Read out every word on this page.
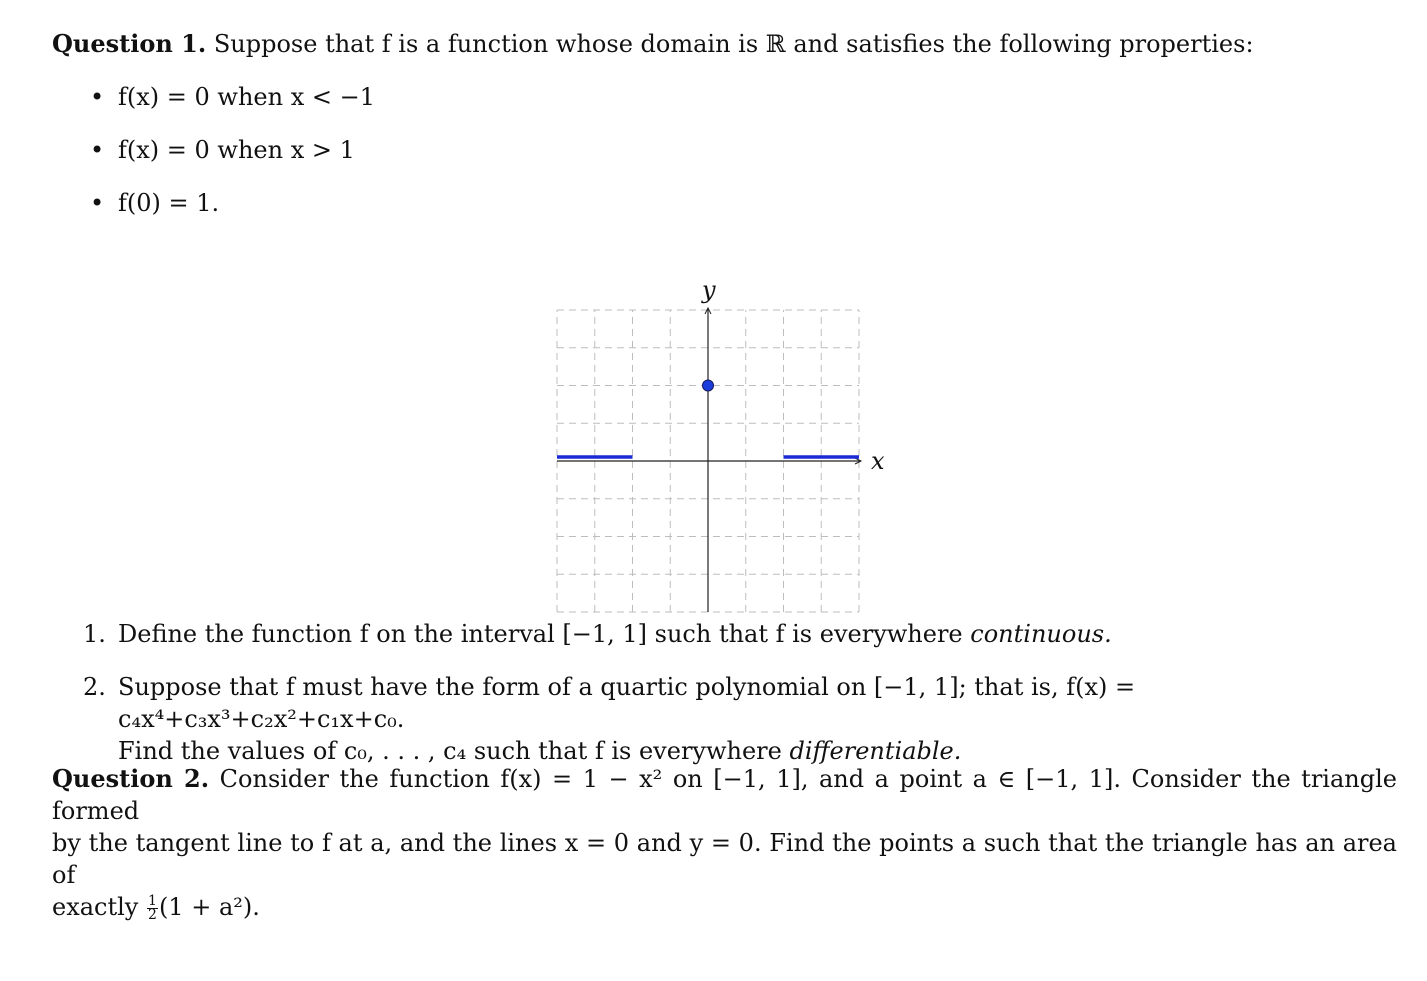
Question 1. Suppose that f is a function whose domain is ℝ and satisfies the following properties:

• f(x) = 0 when x < −1
• f(x) = 0 when x > 1
• f(0) = 1.
x
y
1. Define the function f on the interval [−1, 1] such that f is everywhere continuous.
2. Suppose that f must have the form of a quartic polynomial on [−1, 1]; that is, f(x) = c₄x⁴+c₃x³+c₂x²+c₁x+c₀.
Find the values of c₀, . . . , c₄ such that f is everywhere differentiable.

Question 2. Consider the function f(x) = 1 − x² on [−1, 1], and a point a ∈ [−1, 1]. Consider the triangle formed

by the tangent line to f at a, and the lines x = 0 and y = 0. Find the points a such that the triangle has an area of

exactly $\frac{1}{2} (1 + a^2)$.
